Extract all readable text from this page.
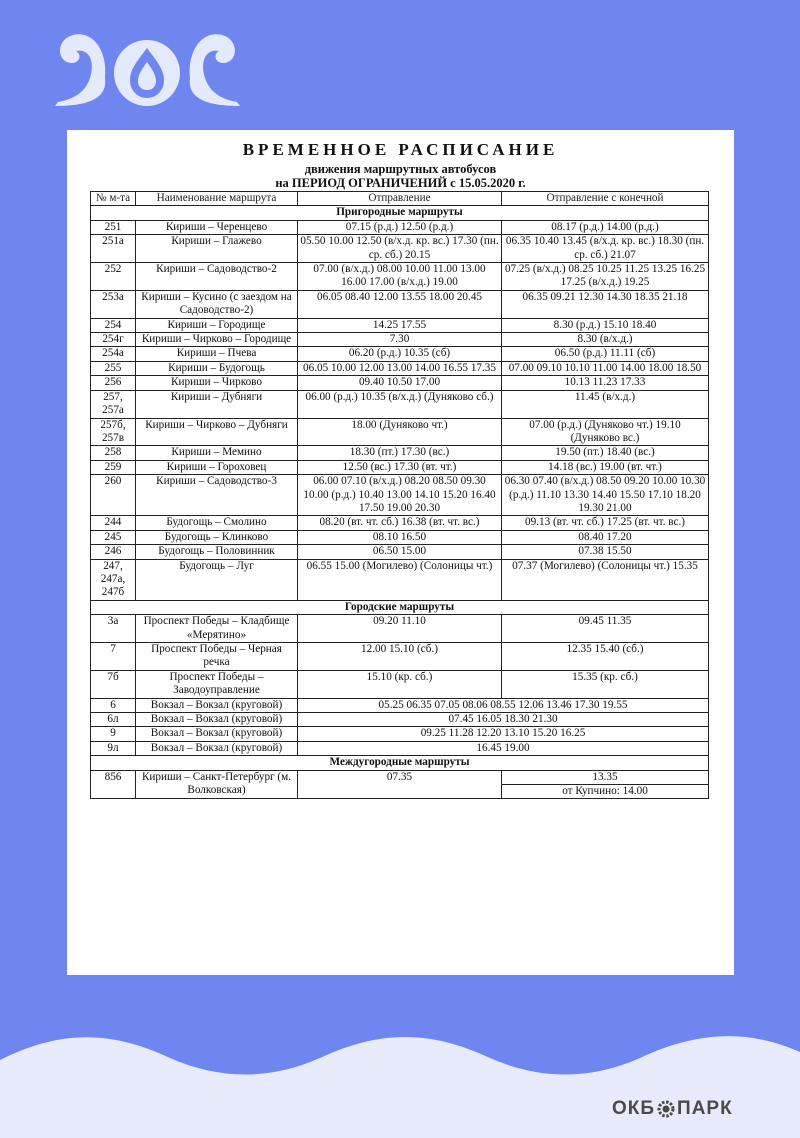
ВРЕМЕННОЕ РАСПИСАНИЕ
движения маршрутных автобусов
на ПЕРИОД ОГРАНИЧЕНИЙ с 15.05.2020 г.
№ м-та	Наименование маршрута	Отправление	Отправление с конечной
Пригородные маршруты			
251	Кириши – Черенцево	07.15 (р.д.) 12.50 (р.д.)	08.17 (р.д.) 14.00 (р.д.)
251а	Кириши – Глажево	05.50 10.00 12.50 (в/х.д. кр. вс.) 17.30 (пн. ср. сб.) 20.15	06.35 10.40 13.45 (в/х.д. кр. вс.) 18.30 (пн. ср. сб.) 21.07
252	Кириши – Садоводство-2	07.00 (в/х.д.) 08.00 10.00 11.00 13.00 16.00 17.00 (в/х.д.) 19.00	07.25 (в/х.д.) 08.25 10.25 11.25 13.25 16.25 17.25 (в/х.д.) 19.25
253а	Кириши – Кусино (с заездом на Садоводство-2)	06.05 08.40 12.00 13.55 18.00 20.45	06.35 09.21 12.30 14.30 18.35 21.18
254	Кириши – Городище	14.25 17.55	8.30 (р.д.) 15.10 18.40
254г	Кириши – Чирково – Городище	7.30	8.30 (в/х.д.)
254а	Кириши – Пчева	06.20 (р.д.) 10.35 (сб)	06.50 (р.д.) 11.11 (сб)
255	Кириши – Будогощь	06.05 10.00 12.00 13.00 14.00 16.55 17.35	07.00 09.10 10.10 11.00 14.00 18.00 18.50
256	Кириши – Чирково	09.40 10.50 17.00	10.13 11.23 17.33
257, 257а	Кириши – Дубняги	06.00 (р.д.) 10.35 (в/х.д.) (Дуняково сб.)	11.45 (в/х.д.)
257б, 257в	Кириши – Чирково – Дубняги	18.00 (Дуняково чт.)	07.00 (р.д.) (Дуняково чт.) 19.10 (Дуняково вс.)
258	Кириши – Мемино	18.30 (пт.) 17.30 (вс.)	19.50 (пт.) 18.40 (вс.)
259	Кириши – Гороховец	12.50 (вс.) 17.30 (вт. чт.)	14.18 (вс.) 19.00 (вт. чт.)
260	Кириши – Садоводство-3	06.00 07.10 (в/х.д.) 08.20 08.50 09.30 10.00 (р.д.) 10.40 13.00 14.10 15.20 16.40 17.50 19.00 20.30	06.30 07.40 (в/х.д.) 08.50 09.20 10.00 10.30 (р.д.) 11.10 13.30 14.40 15.50 17.10 18.20 19.30 21.00
244	Будогощь – Смолино	08.20 (вт. чт. сб.) 16.38 (вт. чт. вс.)	09.13 (вт. чт. сб.) 17.25 (вт. чт. вс.)
245	Будогощь – Клинково	08.10 16.50	08.40 17.20
246	Будогощь – Половинник	06.50 15.00	07.38 15.50
247, 247а, 247б	Будогощь – Луг	06.55 15.00 (Могилево) (Солоницы чт.)	07.37 (Могилево) (Солоницы чт.) 15.35
Городские маршруты			
3а	Проспект Победы – Кладбище «Мерятино»	09.20 11.10	09.45 11.35
7	Проспект Победы – Черная речка	12.00 15.10 (сб.)	12.35 15.40 (сб.)
7б	Проспект Победы – Заводоуправление	15.10 (кр. сб.)	15.35 (кр. сб.)
6	Вокзал – Вокзал (круговой)	05.25 06.35 07.05 08.06 08.55 12.06 13.46 17.30 19.55	
6л	Вокзал – Вокзал (круговой)	07.45 16.05 18.30 21.30	
9	Вокзал – Вокзал (круговой)	09.25 11.28 12.20 13.10 15.20 16.25	
9л	Вокзал – Вокзал (круговой)	16.45 19.00	
Междугородные маршруты			
856	Кириши – Санкт-Петербург (м. Волковская)	07.35	13.35
			от Купчино: 14.00
ОКБ ПАРК
